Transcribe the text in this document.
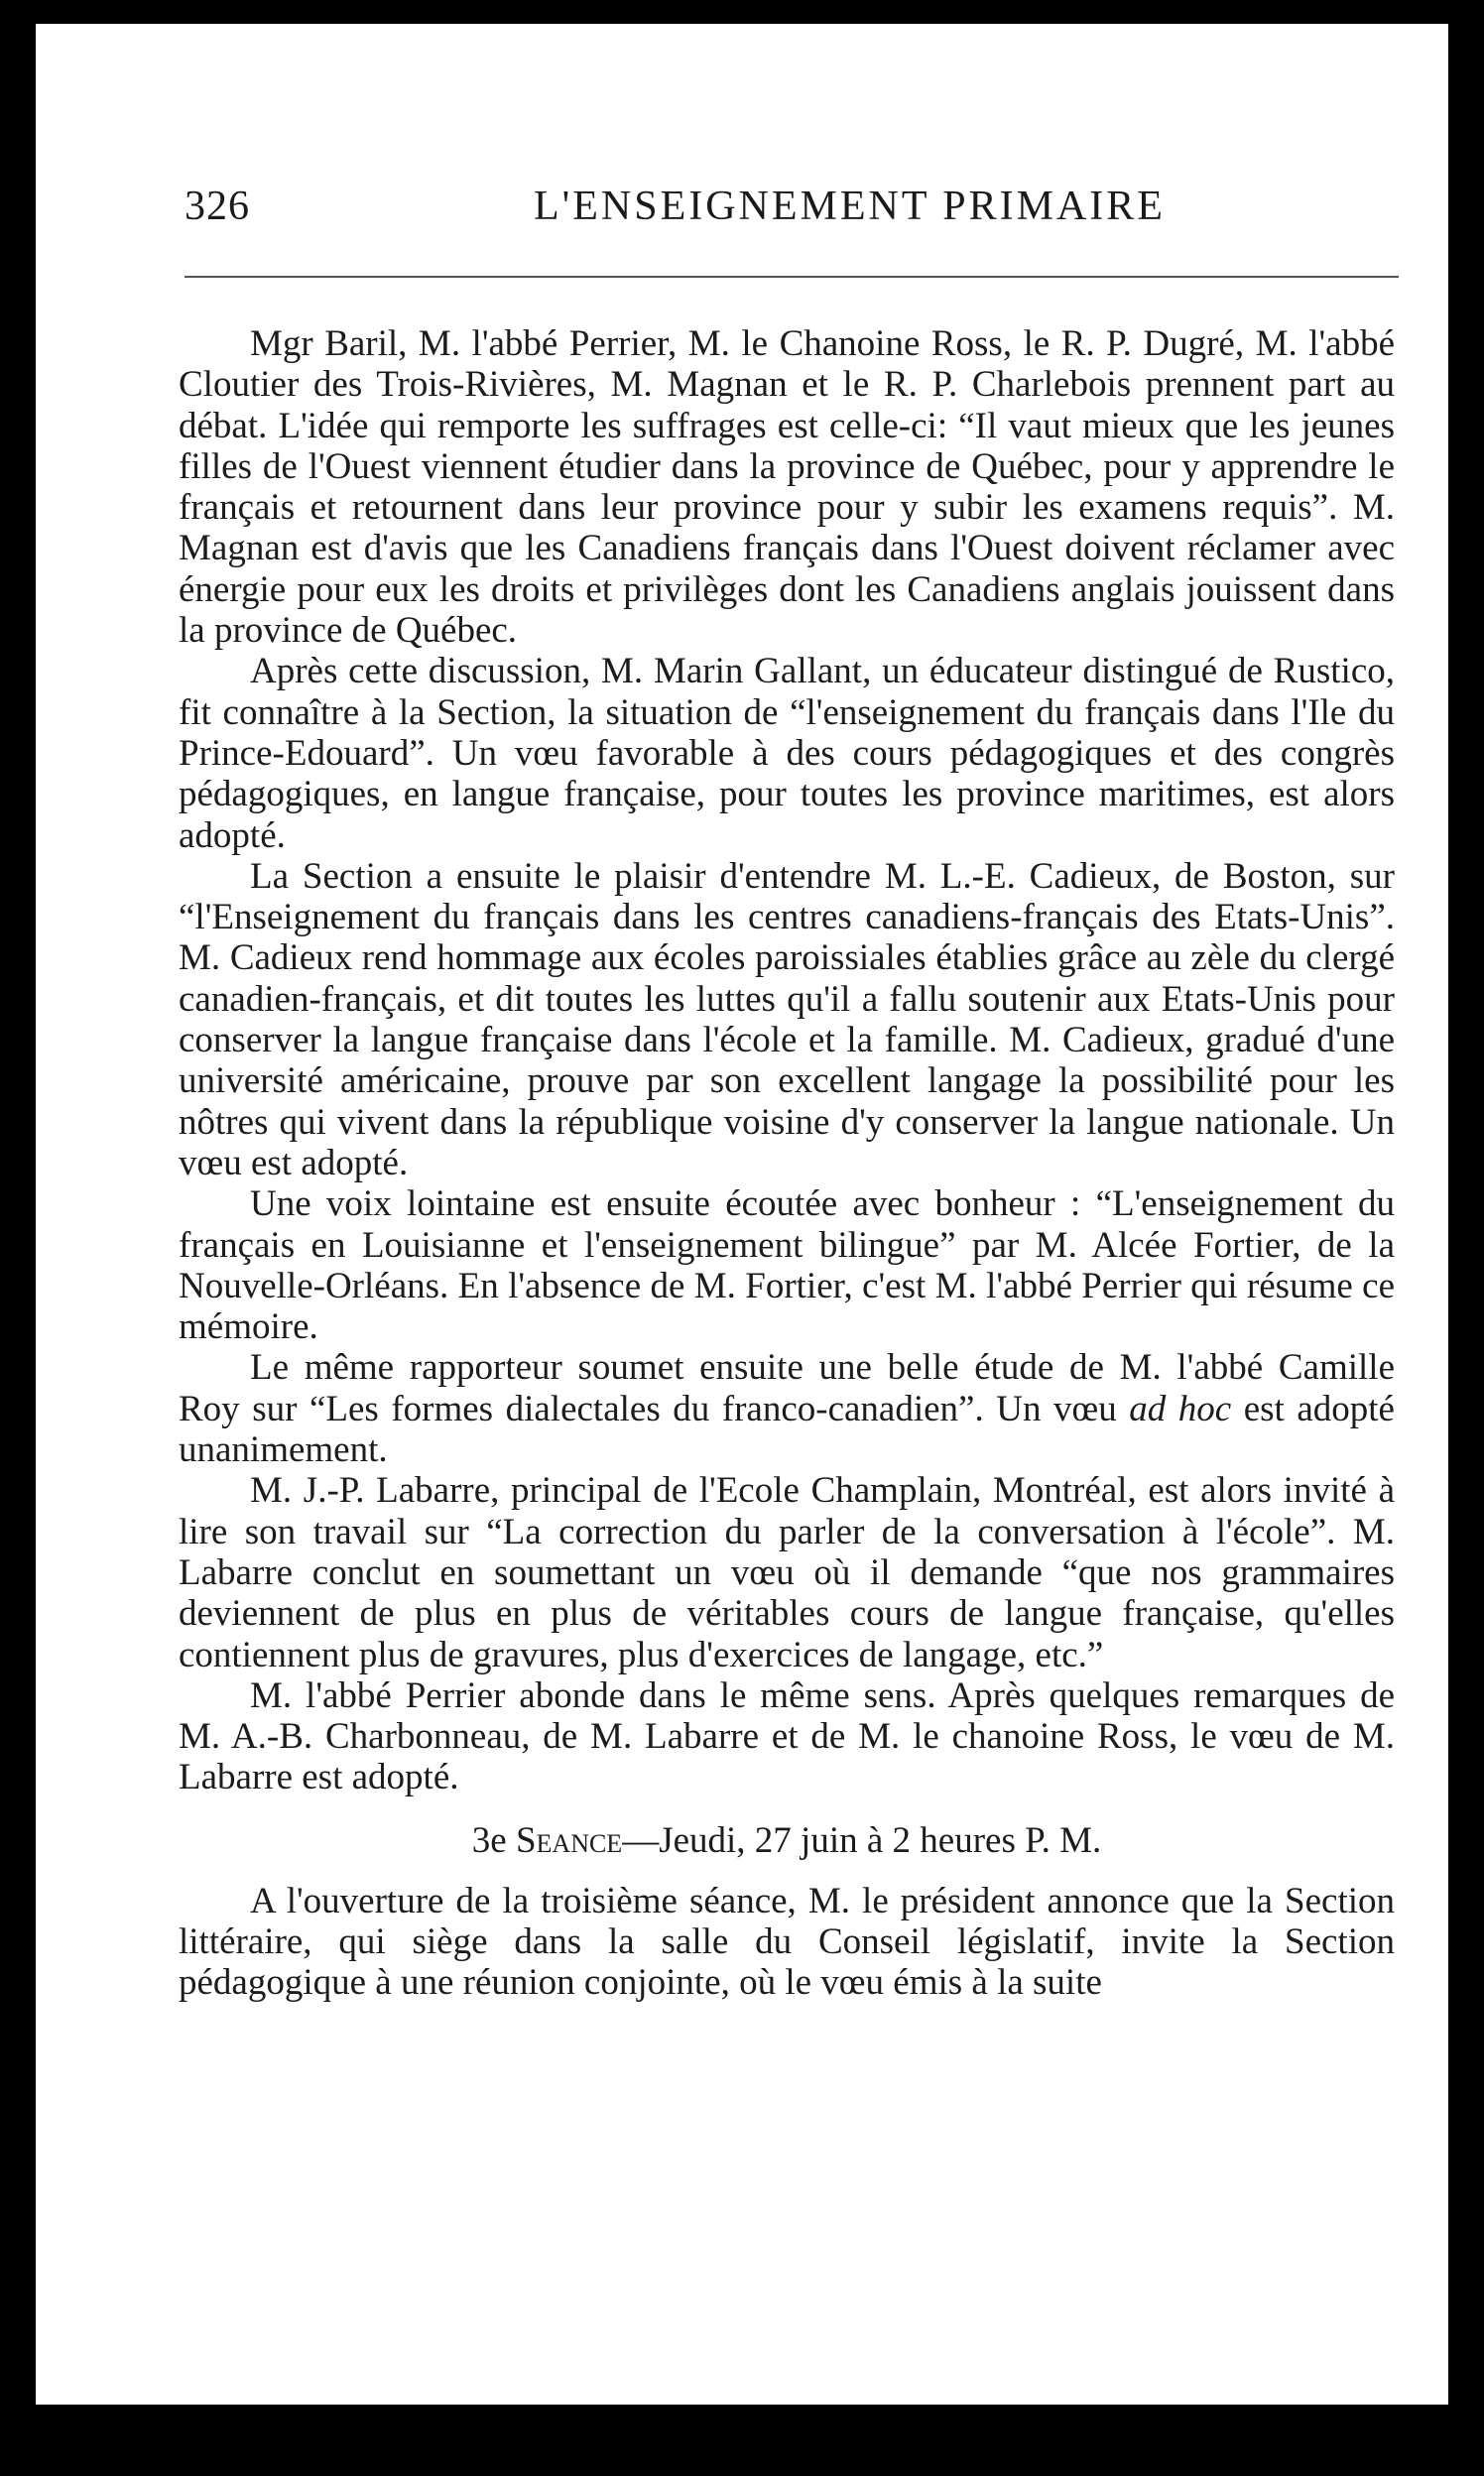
326	L'ENSEIGNEMENT PRIMAIRE

Mgr Baril, M. l'abbé Perrier, M. le Chanoine Ross, le R. P. Dugré, M. l'abbé Cloutier des Trois-Rivières, M. Magnan et le R. P. Charlebois prennent part au débat. L'idée qui remporte les suffrages est celle-ci: “Il vaut mieux que les jeunes filles de l'Ouest viennent étudier dans la province de Québec, pour y apprendre le français et retournent dans leur province pour y subir les examens requis”. M. Magnan est d'avis que les Canadiens français dans l'Ouest doivent réclamer avec énergie pour eux les droits et privilèges dont les Canadiens anglais jouissent dans la province de Québec.

Après cette discussion, M. Marin Gallant, un éducateur distingué de Rustico, fit connaître à la Section, la situation de “l'enseignement du français dans l'Ile du Prince-Edouard”. Un vœu favorable à des cours pédagogiques et des congrès pédagogiques, en langue française, pour toutes les province maritimes, est alors adopté.

La Section a ensuite le plaisir d'entendre M. L.-E. Cadieux, de Boston, sur “l'Enseignement du français dans les centres canadiens-français des Etats-Unis”. M. Cadieux rend hommage aux écoles paroissiales établies grâce au zèle du clergé canadien-français, et dit toutes les luttes qu'il a fallu soutenir aux Etats-Unis pour conserver la langue française dans l'école et la famille. M. Cadieux, gradué d'une université américaine, prouve par son excellent langage la possibilité pour les nôtres qui vivent dans la république voisine d'y conserver la langue nationale. Un vœu est adopté.

Une voix lointaine est ensuite écoutée avec bonheur : “L'enseignement du français en Louisianne et l'enseignement bilingue” par M. Alcée Fortier, de la Nouvelle-Orléans. En l'absence de M. Fortier, c'est M. l'abbé Perrier qui résume ce mémoire.

Le même rapporteur soumet ensuite une belle étude de M. l'abbé Camille Roy sur “Les formes dialectales du franco-canadien”. Un vœu ad hoc est adopté unanimement.

M. J.-P. Labarre, principal de l'Ecole Champlain, Montréal, est alors invité à lire son travail sur “La correction du parler de la conversation à l'école”. M. Labarre conclut en soumettant un vœu où il demande “que nos grammaires deviennent de plus en plus de véritables cours de langue française, qu'elles contiennent plus de gravures, plus d'exercices de langage, etc.”

M. l'abbé Perrier abonde dans le même sens. Après quelques remarques de M. A.-B. Charbonneau, de M. Labarre et de M. le chanoine Ross, le vœu de M. Labarre est adopté.

3e Seance—Jeudi, 27 juin à 2 heures P. M.

A l'ouverture de la troisième séance, M. le président annonce que la Section littéraire, qui siège dans la salle du Conseil législatif, invite la Section pédagogique à une réunion conjointe, où le vœu émis à la suite
